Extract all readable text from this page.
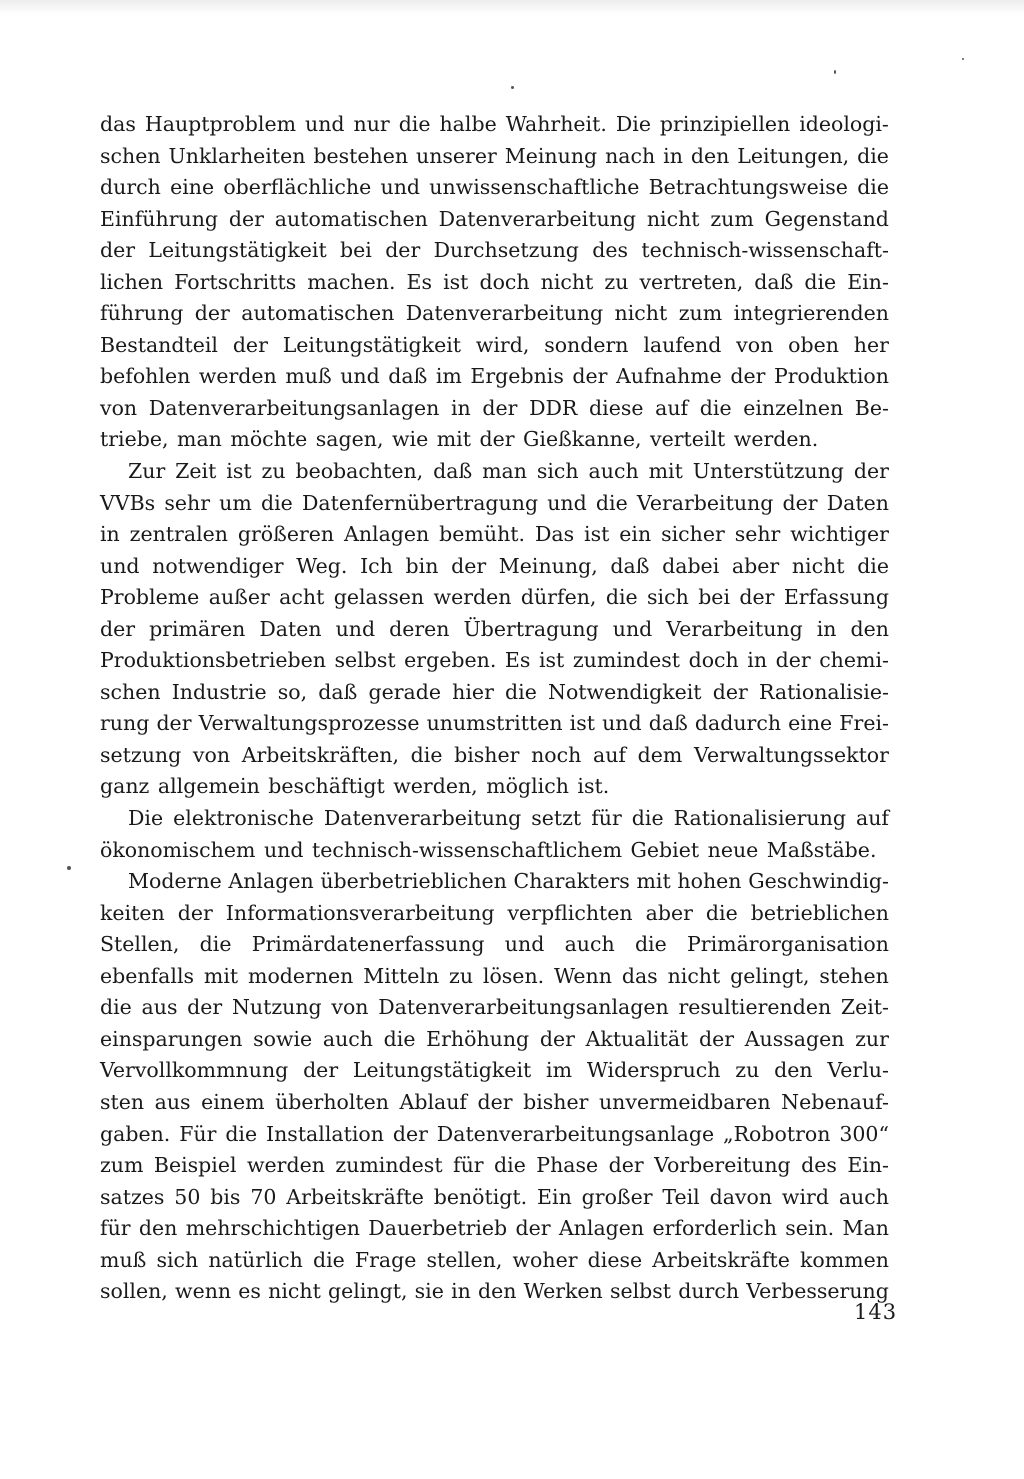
das Hauptproblem und nur die halbe Wahrheit. Die prinzipiellen ideologi-
schen Unklarheiten bestehen unserer Meinung nach in den Leitungen, die
durch eine oberflächliche und unwissenschaftliche Betrachtungsweise die
Einführung der automatischen Datenverarbeitung nicht zum Gegenstand
der Leitungstätigkeit bei der Durchsetzung des technisch-wissenschaft-
lichen Fortschritts machen. Es ist doch nicht zu vertreten, daß die Ein-
führung der automatischen Datenverarbeitung nicht zum integrierenden
Bestandteil der Leitungstätigkeit wird, sondern laufend von oben her
befohlen werden muß und daß im Ergebnis der Aufnahme der Produktion
von Datenverarbeitungsanlagen in der DDR diese auf die einzelnen Be-
triebe, man möchte sagen, wie mit der Gießkanne, verteilt werden.
Zur Zeit ist zu beobachten, daß man sich auch mit Unterstützung der
VVBs sehr um die Datenfernübertragung und die Verarbeitung der Daten
in zentralen größeren Anlagen bemüht. Das ist ein sicher sehr wichtiger
und notwendiger Weg. Ich bin der Meinung, daß dabei aber nicht die
Probleme außer acht gelassen werden dürfen, die sich bei der Erfassung
der primären Daten und deren Übertragung und Verarbeitung in den
Produktionsbetrieben selbst ergeben. Es ist zumindest doch in der chemi-
schen Industrie so, daß gerade hier die Notwendigkeit der Rationalisie-
rung der Verwaltungsprozesse unumstritten ist und daß dadurch eine Frei-
setzung von Arbeitskräften, die bisher noch auf dem Verwaltungssektor
ganz allgemein beschäftigt werden, möglich ist.
Die elektronische Datenverarbeitung setzt für die Rationalisierung auf
ökonomischem und technisch-wissenschaftlichem Gebiet neue Maßstäbe.
Moderne Anlagen überbetrieblichen Charakters mit hohen Geschwindig-
keiten der Informationsverarbeitung verpflichten aber die betrieblichen
Stellen, die Primärdatenerfassung und auch die Primärorganisation
ebenfalls mit modernen Mitteln zu lösen. Wenn das nicht gelingt, stehen
die aus der Nutzung von Datenverarbeitungsanlagen resultierenden Zeit-
einsparungen sowie auch die Erhöhung der Aktualität der Aussagen zur
Vervollkommnung der Leitungstätigkeit im Widerspruch zu den Verlu-
sten aus einem überholten Ablauf der bisher unvermeidbaren Nebenauf-
gaben. Für die Installation der Datenverarbeitungsanlage „Robotron 300“
zum Beispiel werden zumindest für die Phase der Vorbereitung des Ein-
satzes 50 bis 70 Arbeitskräfte benötigt. Ein großer Teil davon wird auch
für den mehrschichtigen Dauerbetrieb der Anlagen erforderlich sein. Man
muß sich natürlich die Frage stellen, woher diese Arbeitskräfte kommen
sollen, wenn es nicht gelingt, sie in den Werken selbst durch Verbesserung
143
